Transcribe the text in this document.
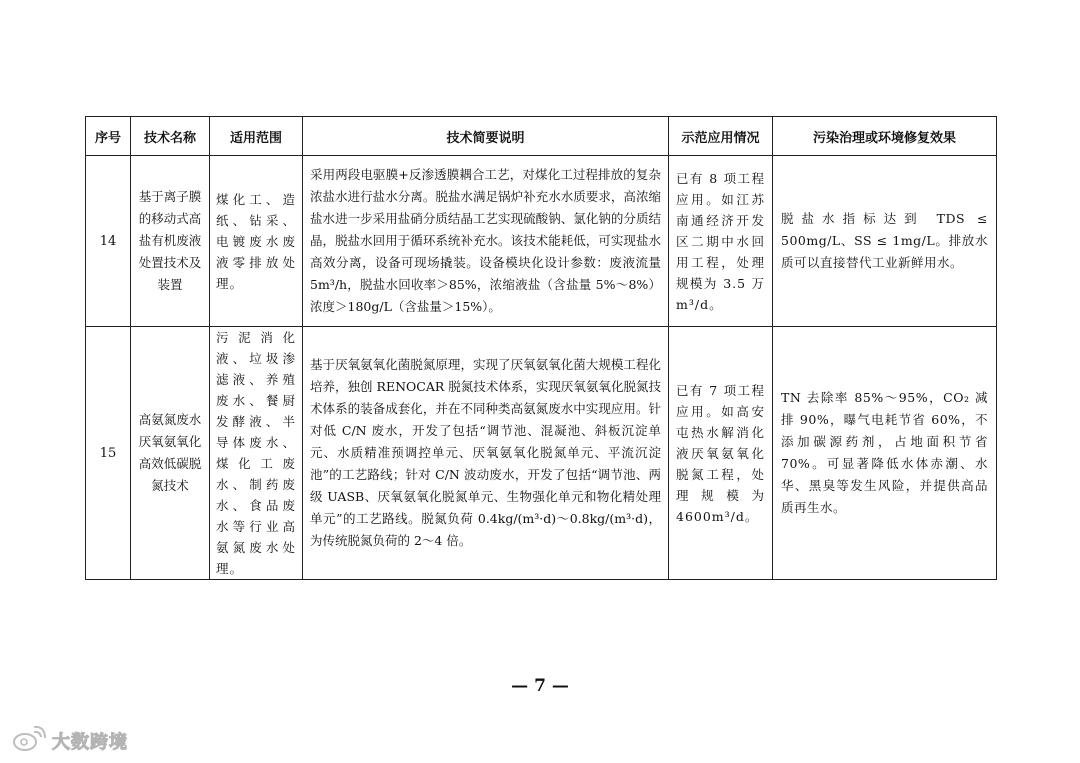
序号	技术名称	适用范围	技术简要说明	示范应用情况	污染治理或环境修复效果
14	基于离子膜的移动式高盐有机废液处置技术及装置	煤化工、造纸、钻采、电镀废水废液零排放处理。	采用两段电驱膜+反渗透膜耦合工艺，对煤化工过程排放的复杂浓盐水进行盐水分离。脱盐水满足锅炉补充水水质要求，高浓缩盐水进一步采用盐硝分质结晶工艺实现硫酸钠、氯化钠的分质结晶，脱盐水回用于循环系统补充水。该技术能耗低，可实现盐水高效分离，设备可现场撬装。设备模块化设计参数：废液流量 5m³/h，脱盐水回收率＞85%，浓缩液盐（含盐量 5%～8%）浓度＞180g/L（含盐量＞15%）。	已有 8 项工程应用。如江苏南通经济开发区二期中水回用工程，处理规模为 3.5 万 m³/d。	脱盐水指标达到 TDS ≤ 500mg/L、SS ≤ 1mg/L。排放水质可以直接替代工业新鲜用水。
15	高氨氮废水厌氧氨氧化高效低碳脱氮技术	污泥消化液、垃圾渗滤液、养殖废水、餐厨发酵液、半导体废水、煤化工废水、制药废水、食品废水等行业高氨氮废水处理。	基于厌氧氨氧化菌脱氮原理，实现了厌氧氨氧化菌大规模工程化培养，独创 RENOCAR 脱氮技术体系，实现厌氧氨氧化脱氮技术体系的装备成套化，并在不同种类高氨氮废水中实现应用。针对低 C/N 废水，开发了包括“调节池、混凝池、斜板沉淀单元、水质精准预调控单元、厌氧氨氧化脱氮单元、平流沉淀池”的工艺路线；针对 C/N 波动废水，开发了包括“调节池、两级 UASB、厌氧氨氧化脱氮单元、生物强化单元和物化精处理单元”的工艺路线。脱氮负荷 0.4kg/(m³·d)～0.8kg/(m³·d)，为传统脱氮负荷的 2～4 倍。	已有 7 项工程应用。如高安屯热水解消化液厌氧氨氧化脱氮工程，处理规模为 4600m³/d。	TN 去除率 85%～95%，CO₂ 减排 90%，曝气电耗节省 60%，不添加碳源药剂，占地面积节省 70%。可显著降低水体赤潮、水华、黑臭等发生风险，并提供高品质再生水。
— 7 —
大数跨境
